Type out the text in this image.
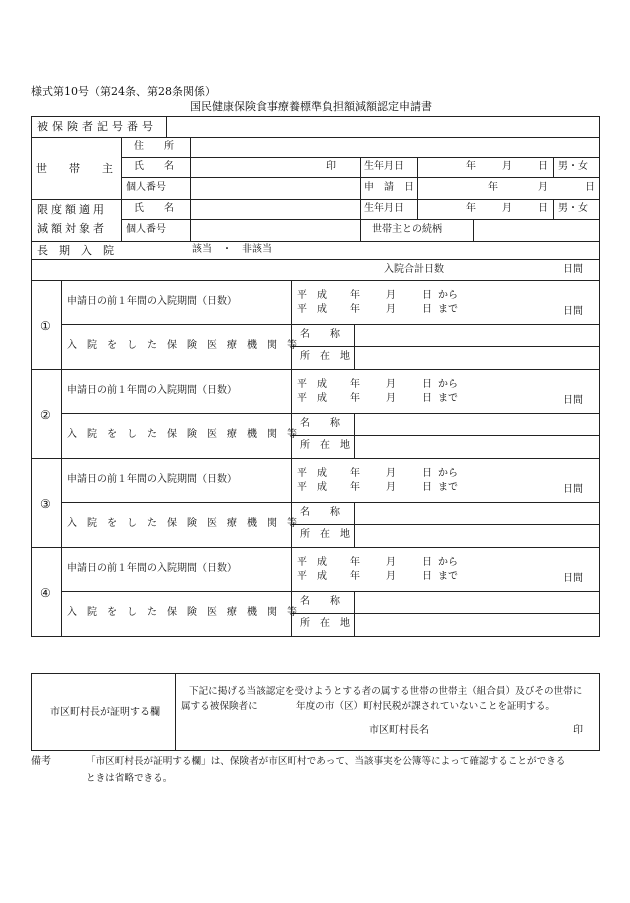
様式第10号（第24条、第28条関係）
国民健康保険食事療養標準負担額減額認定申請書
被保険者記号番号
世　　帯　　主
住　　所
氏　　名	印	生年月日	年	月	日 男・女
個人番号	申　請　日	年	月	日
限度額適用
減額対象者
氏　　名	生年月日	年	月	日 男・女
個人番号	世帯主との続柄
長　期　入　院	該当　・　非該当
入院合計日数	日間
①
申請日の前１年間の入院期間（日数）
平　成 年	月	日 から
平　成 年	月	日 まで	日間
入　院　を　し　た　保　険　医　療　機　関　等
名　　称
所　在　地
②
申請日の前１年間の入院期間（日数）
平　成 年	月	日 から
平　成 年	月	日 まで	日間
入　院　を　し　た　保　険　医　療　機　関　等
名　　称
所　在　地
③
申請日の前１年間の入院期間（日数）
平　成 年	月	日 から
平　成 年	月	日 まで	日間
入　院　を　し　た　保　険　医　療　機　関　等
名　　称
所　在　地
④
申請日の前１年間の入院期間（日数）
平　成 年	月	日 から
平　成 年	月	日 まで	日間
入　院　を　し　た　保　険　医　療　機　関　等
名　　称
所　在　地
市区町村長が証明する欄
下記に掲げる当該認定を受けようとする者の属する世帯の世帯主（組合員）及びその世帯に
属する被保険者に	年度の市（区）町村民税が課されていないことを証明する。
市区町村長名	印
備考	「市区町村長が証明する欄」は、保険者が市区町村であって、当該事実を公簿等によって確認することができる
ときは省略できる。
